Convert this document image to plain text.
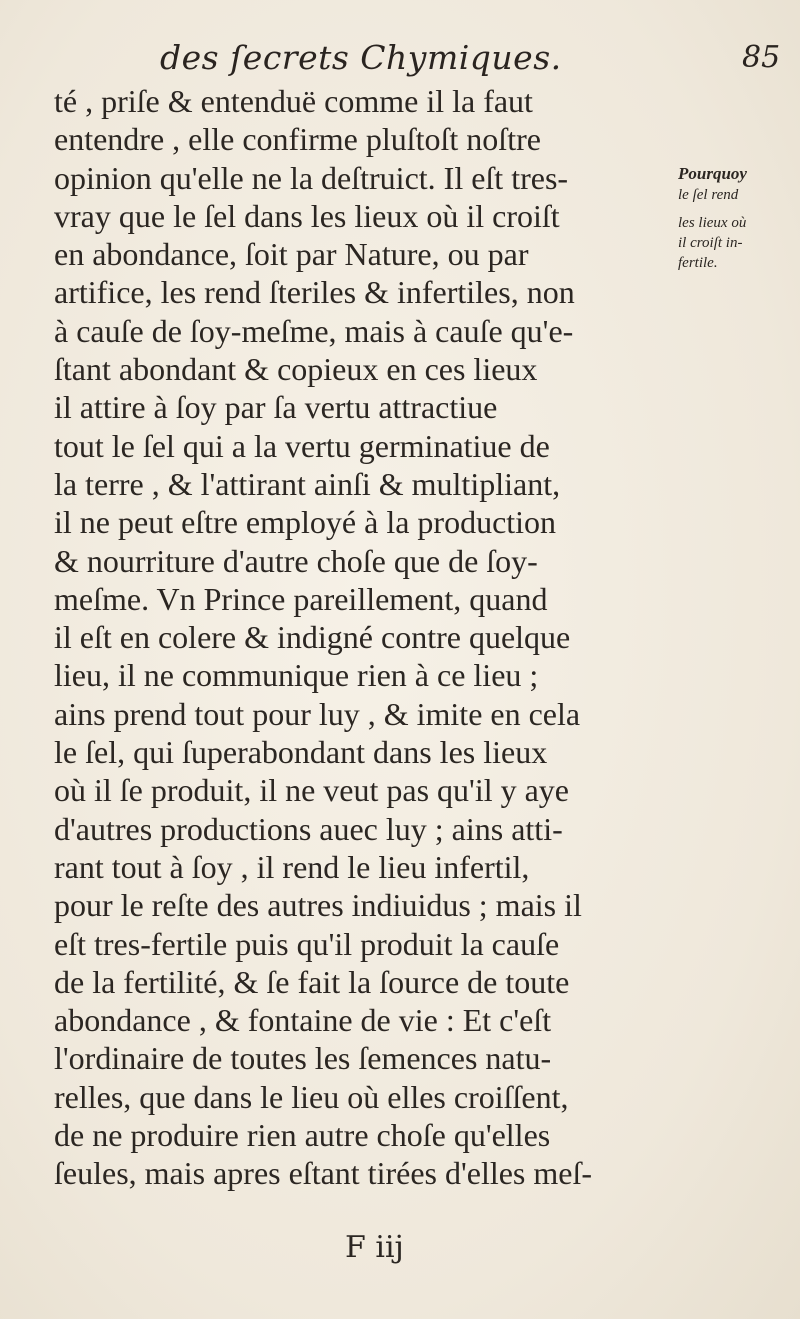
des ſecrets Chymiques.	85
té , priſe & entenduë comme il la faut
entendre , elle confirme pluſtoſt noſtre
opinion qu'elle ne la deſtruict. Il eſt tres-
vray que le ſel dans les lieux où il croiſt
en abondance, ſoit par Nature, ou par
artifice, les rend ſteriles & infertiles, non
à cauſe de ſoy-meſme, mais à cauſe qu'e-
ſtant abondant & copieux en ces lieux
il attire à ſoy par ſa vertu attractiue
tout le ſel qui a la vertu germinatiue de
la terre , & l'attirant ainſi & multipliant,
il ne peut eſtre employé à la production
& nourriture d'autre choſe que de ſoy-
meſme. Vn Prince pareillement, quand
il eſt en colere & indigné contre quelque
lieu, il ne communique rien à ce lieu ;
ains prend tout pour luy , & imite en cela
le ſel, qui ſuperabondant dans les lieux
où il ſe produit, il ne veut pas qu'il y aye
d'autres productions auec luy ; ains atti-
rant tout à ſoy , il rend le lieu infertil,
pour le reſte des autres indiuidus ; mais il
eſt tres-fertile puis qu'il produit la cauſe
de la fertilité, & ſe fait la ſource de toute
abondance , & fontaine de vie : Et c'eſt
l'ordinaire de toutes les ſemences natu-
relles, que dans le lieu où elles croiſſent,
de ne produire rien autre choſe qu'elles
ſeules, mais apres eſtant tirées d'elles meſ-
Pourquoy
le ſel rend
les lieux où
il croiſt in-
fertile.
F iij
